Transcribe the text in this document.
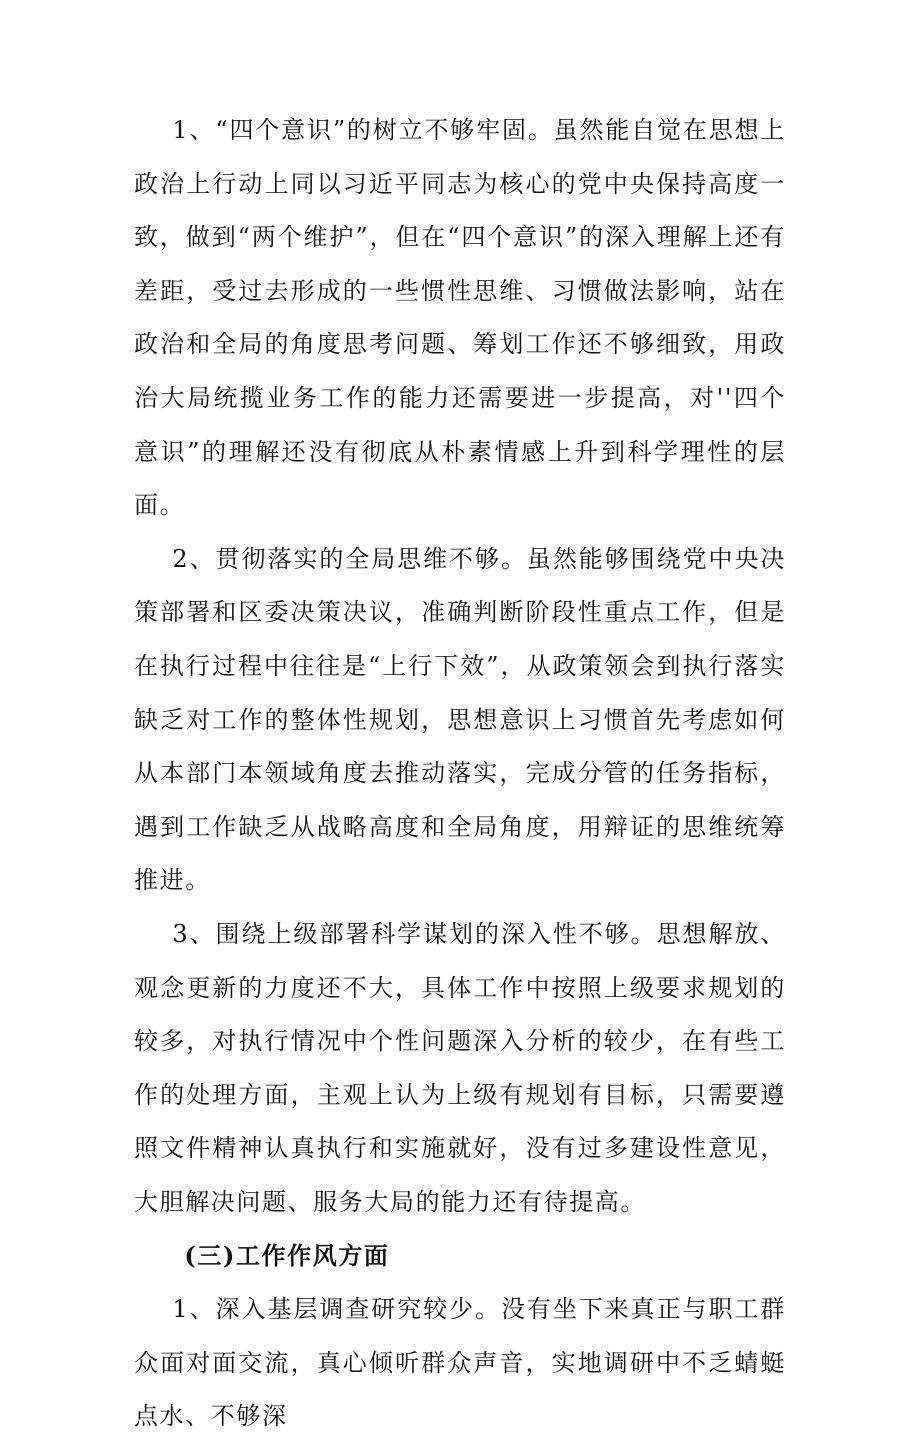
1、“四个意识”的树立不够牢固。虽然能自觉在思想上政治上行动上同以习近平同志为核心的党中央保持高度一致，做到“两个维护”，但在“四个意识”的深入理解上还有差距，受过去形成的一些惯性思维、习惯做法影响，站在政治和全局的角度思考问题、筹划工作还不够细致，用政治大局统揽业务工作的能力还需要进一步提高，对''四个意识”的理解还没有彻底从朴素情感上升到科学理性的层面。

2、贯彻落实的全局思维不够。虽然能够围绕党中央决策部署和区委决策决议，准确判断阶段性重点工作，但是在执行过程中往往是“上行下效”，从政策领会到执行落实缺乏对工作的整体性规划，思想意识上习惯首先考虑如何从本部门本领域角度去推动落实，完成分管的任务指标，遇到工作缺乏从战略高度和全局角度，用辩证的思维统筹推进。

3、围绕上级部署科学谋划的深入性不够。思想解放、观念更新的力度还不大，具体工作中按照上级要求规划的较多，对执行情况中个性问题深入分析的较少，在有些工作的处理方面，主观上认为上级有规划有目标，只需要遵照文件精神认真执行和实施就好，没有过多建设性意见，大胆解决问题、服务大局的能力还有待提高。

(三)工作作风方面

1、深入基层调查研究较少。没有坐下来真正与职工群众面对面交流，真心倾听群众声音，实地调研中不乏蜻蜓点水、不够深
